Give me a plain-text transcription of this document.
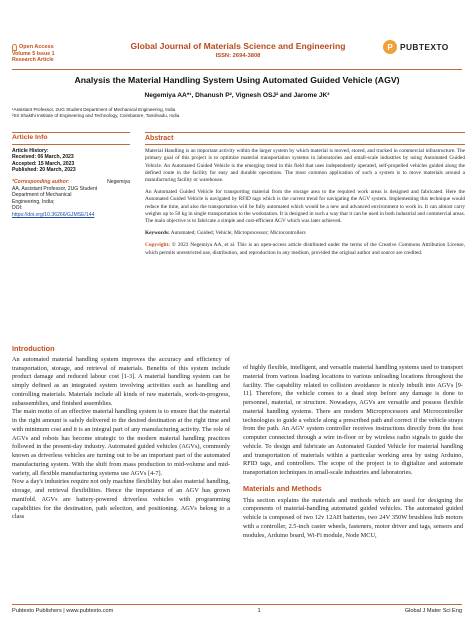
Open Access
Volume 5 Issue 1
Research Article
Global Journal of Materials Science and Engineering
ISSN: 2694-3808
P PUBTEXTO
Analysis the Material Handling System Using Automated Guided Vehicle (AGV)
Negemiya AA*¹, Dhanush P², Vignesh OSJ² and Jarome JK²
¹Assistant Professor, 2UG Student Department of Mechanical Engineering, India
²Sri Shakthi Institute of Engineering and Technology, Coimbatore, Tamilnadu, India
Article Info
Article History:
Received: 06 March, 2023
Accepted: 15 March, 2023
Published: 20 March, 2023
*Corresponding author:	Negemiya
AA, Assistant Professor, 2UG Student
Department of Mechanical
Engineering, India;
DOI:
https://doi.org/10.36266/GJMSE/144
Abstract

Material Handling is an important activity within the larger system by which material is moved, stored, and tracked in commercial infrastructure. The primary goal of this project is to optimize material transportation systems in laboratories and small-scale industries by using Automated Guided Vehicle. An Automated Guided Vehicle is the emerging trend in this field that uses independently operated, self-propelled vehicles guided along the defined route in the facility for easy and durable operations. The most common application of such a system is to move materials around a manufacturing facility or warehouse.

An Automated Guided Vehicle for transporting material from the storage area to the required work areas is designed and fabricated. Here the Automated Guided Vehicle is navigated by RFID tags which is the current trend for navigating the AGV system. Implementing this technique would reduce the time, and also the transportation will be fully automated which would be a new and advanced environment to work in. It can almost carry weights up to 50 kg in single transportation to the workstation. It is designed in such a way that it can be used in both industrial and commercial areas. The main objective is to fabricate a simple and cost-efficient AGV which was later achieved.

Keywords: Automated; Guided; Vehicle; Microprocessor; Microcontrollers

Copyright: © 2023 Negemiya AA, et al. This is an open-access article distributed under the terms of the Creative Commons Attribution License, which permits unrestricted use, distribution, and reproduction in any medium, provided the original author and source are credited.

Introduction

An automated material handling system improves the accuracy and efficiency of transportation, storage, and retrieval of materials. Benefits of this system include product damage and reduced labour cost [1-3]. A material handling system can be simply defined as an integrated system involving activities such as handling and controlling materials. Materials include all kinds of raw materials, work-in-progress, subassemblies, and finished assemblies.

The main motto of an effective material handling system is to ensure that the material in the right amount is safely delivered to the desired destination at the right time and with minimum cost and it is an integral part of any manufacturing activity. The role of AGVs and robots has become strategic to the modern material handling practices followed in the present-day industry. Automated guided vehicles (AGVs), commonly known as driverless vehicles are turning out to be an important part of the automated manufacturing system. With the shift from mass production to mid-volume and mid-variety, all flexible manufacturing systems use AGVs [4-7].

Now a day's industries require not only machine flexibility but also material handling, storage, and retrieval flexibilities. Hence the importance of an AGV has grown manifold. AGVs are battery-powered driverless vehicles with programming capabilities for the destination, path selection, and positioning. AGVs belong to a class

of highly flexible, intelligent, and versatile material handling systems used to transport material from various loading locations to various unloading locations throughout the facility. The capability related to collision avoidance is nicely inbuilt into AGVs [9-11]. Therefore, the vehicle comes to a dead stop before any damage is done to personnel, material, or structure. Nowadays, AGVs are versatile and possess flexible material handling systems. There are modern Microprocessors and Microcontroller technologies to guide a vehicle along a prescribed path and correct if the vehicle strays from the path. An AGV system controller receives instructions directly from the host computer connected through a wire in-floor or by wireless radio signals to guide the vehicle. To design and fabricate an Automated Guided Vehicle for material handling and transportation of materials within a particular working area by using Arduino, RFID tags, and controllers. The scope of the project is to digitalize and automate transportation techniques in small-scale industries and laboratories.

Materials and Methods

This section explains the materials and methods which are used for designing the components of material-handling automated guided vehicles. The automated guided vehicle is composed of two 12v 12AH batteries, two 24V 350W brushless hub motors with a controller, 2.5-inch caster wheels, fasteners, motor driver and tags, sensors and modules, Arduino board, Wi-Fi module, Node MCU,

Pubtexto Publishers | www.pubtexto.com	1	Global J Mater Sci Eng
